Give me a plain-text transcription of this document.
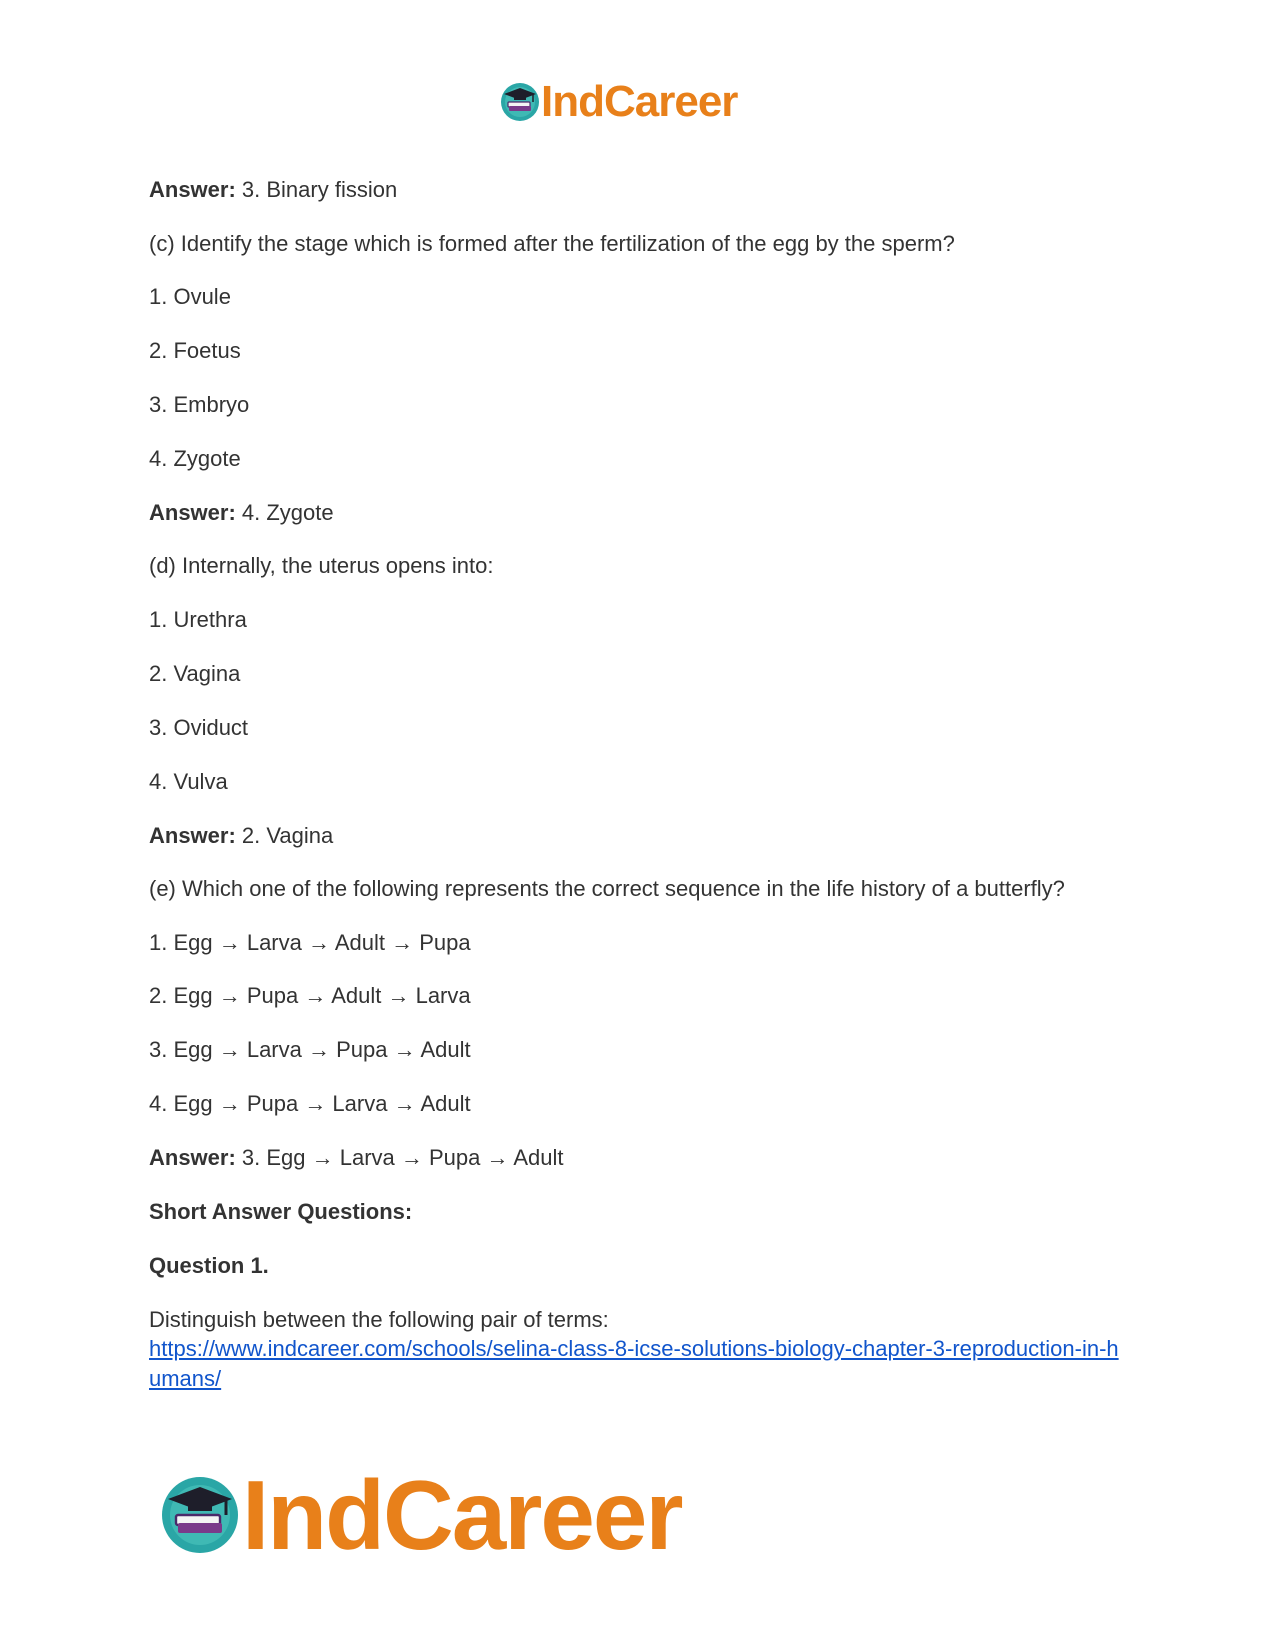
IndCareer
Answer: 3. Binary fission
(c) Identify the stage which is formed after the fertilization of the egg by the sperm?
1. Ovule
2. Foetus
3. Embryo
4. Zygote
Answer: 4. Zygote
(d) Internally, the uterus opens into:
1. Urethra
2. Vagina
3. Oviduct
4. Vulva
Answer: 2. Vagina
(e) Which one of the following represents the correct sequence in the life history of a butterfly?
1. Egg → Larva → Adult → Pupa
2. Egg → Pupa → Adult → Larva
3. Egg → Larva → Pupa → Adult
4. Egg → Pupa → Larva → Adult
Answer: 3. Egg → Larva → Pupa → Adult
Short Answer Questions:
Question 1.
Distinguish between the following pair of terms:
https://www.indcareer.com/schools/selina-class-8-icse-solutions-biology-chapter-3-reproduction-in-humans/
IndCareer
